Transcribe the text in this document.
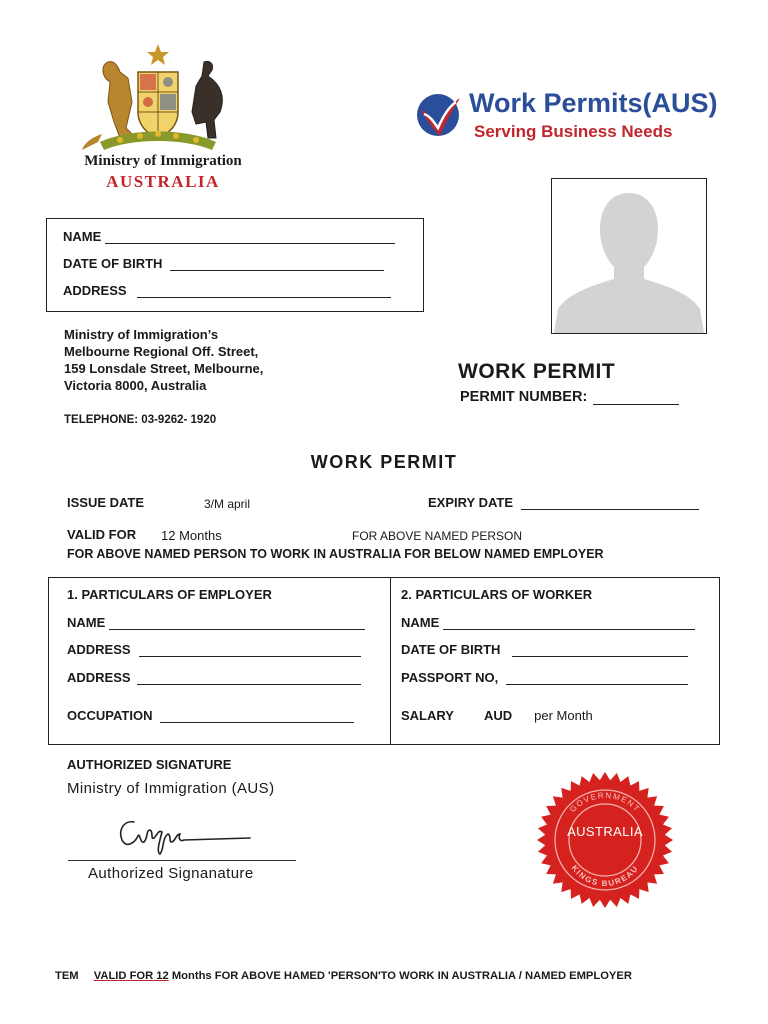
Ministry of Immigration
AUSTRALIA
Work Permits(AUS)
Serving Business Needs
NAME
DATE OF BIRTH
ADDRESS
Ministry of Immigration’s
Melbourne Regional Off. Street,
159 Lonsdale Street, Melbourne,
Victoria 8000, Australia
TELEPHONE: 03-9262- 1920
WORK PERMIT
PERMIT NUMBER:
WORK PERMIT
ISSUE DATE	3/M april	EXPIRY DATE
VALID FOR 12 Months	FOR ABOVE NAMED PERSON
FOR ABOVE NAMED PERSON TO WORK IN AUSTRALIA FOR BELOW NAMED EMPLOYER
1. PARTICULARS OF EMPLOYER
NAME
ADDRESS
ADDRESS
OCCUPATION
2. PARTICULARS OF WORKER
NAME
DATE OF BIRTH
PASSPORT NO,
SALARY AUD per Month
AUTHORIZED SIGNATURE
Ministry of Immigration (AUS)
Authorized Signanature
GOVERNMENT
KINGS BUREAU
AUSTRALIA
TEM VALID FOR 12 Months FOR ABOVE HAMED 'PERSON'TO WORK IN AUSTRALIA / NAMED EMPLOYER
